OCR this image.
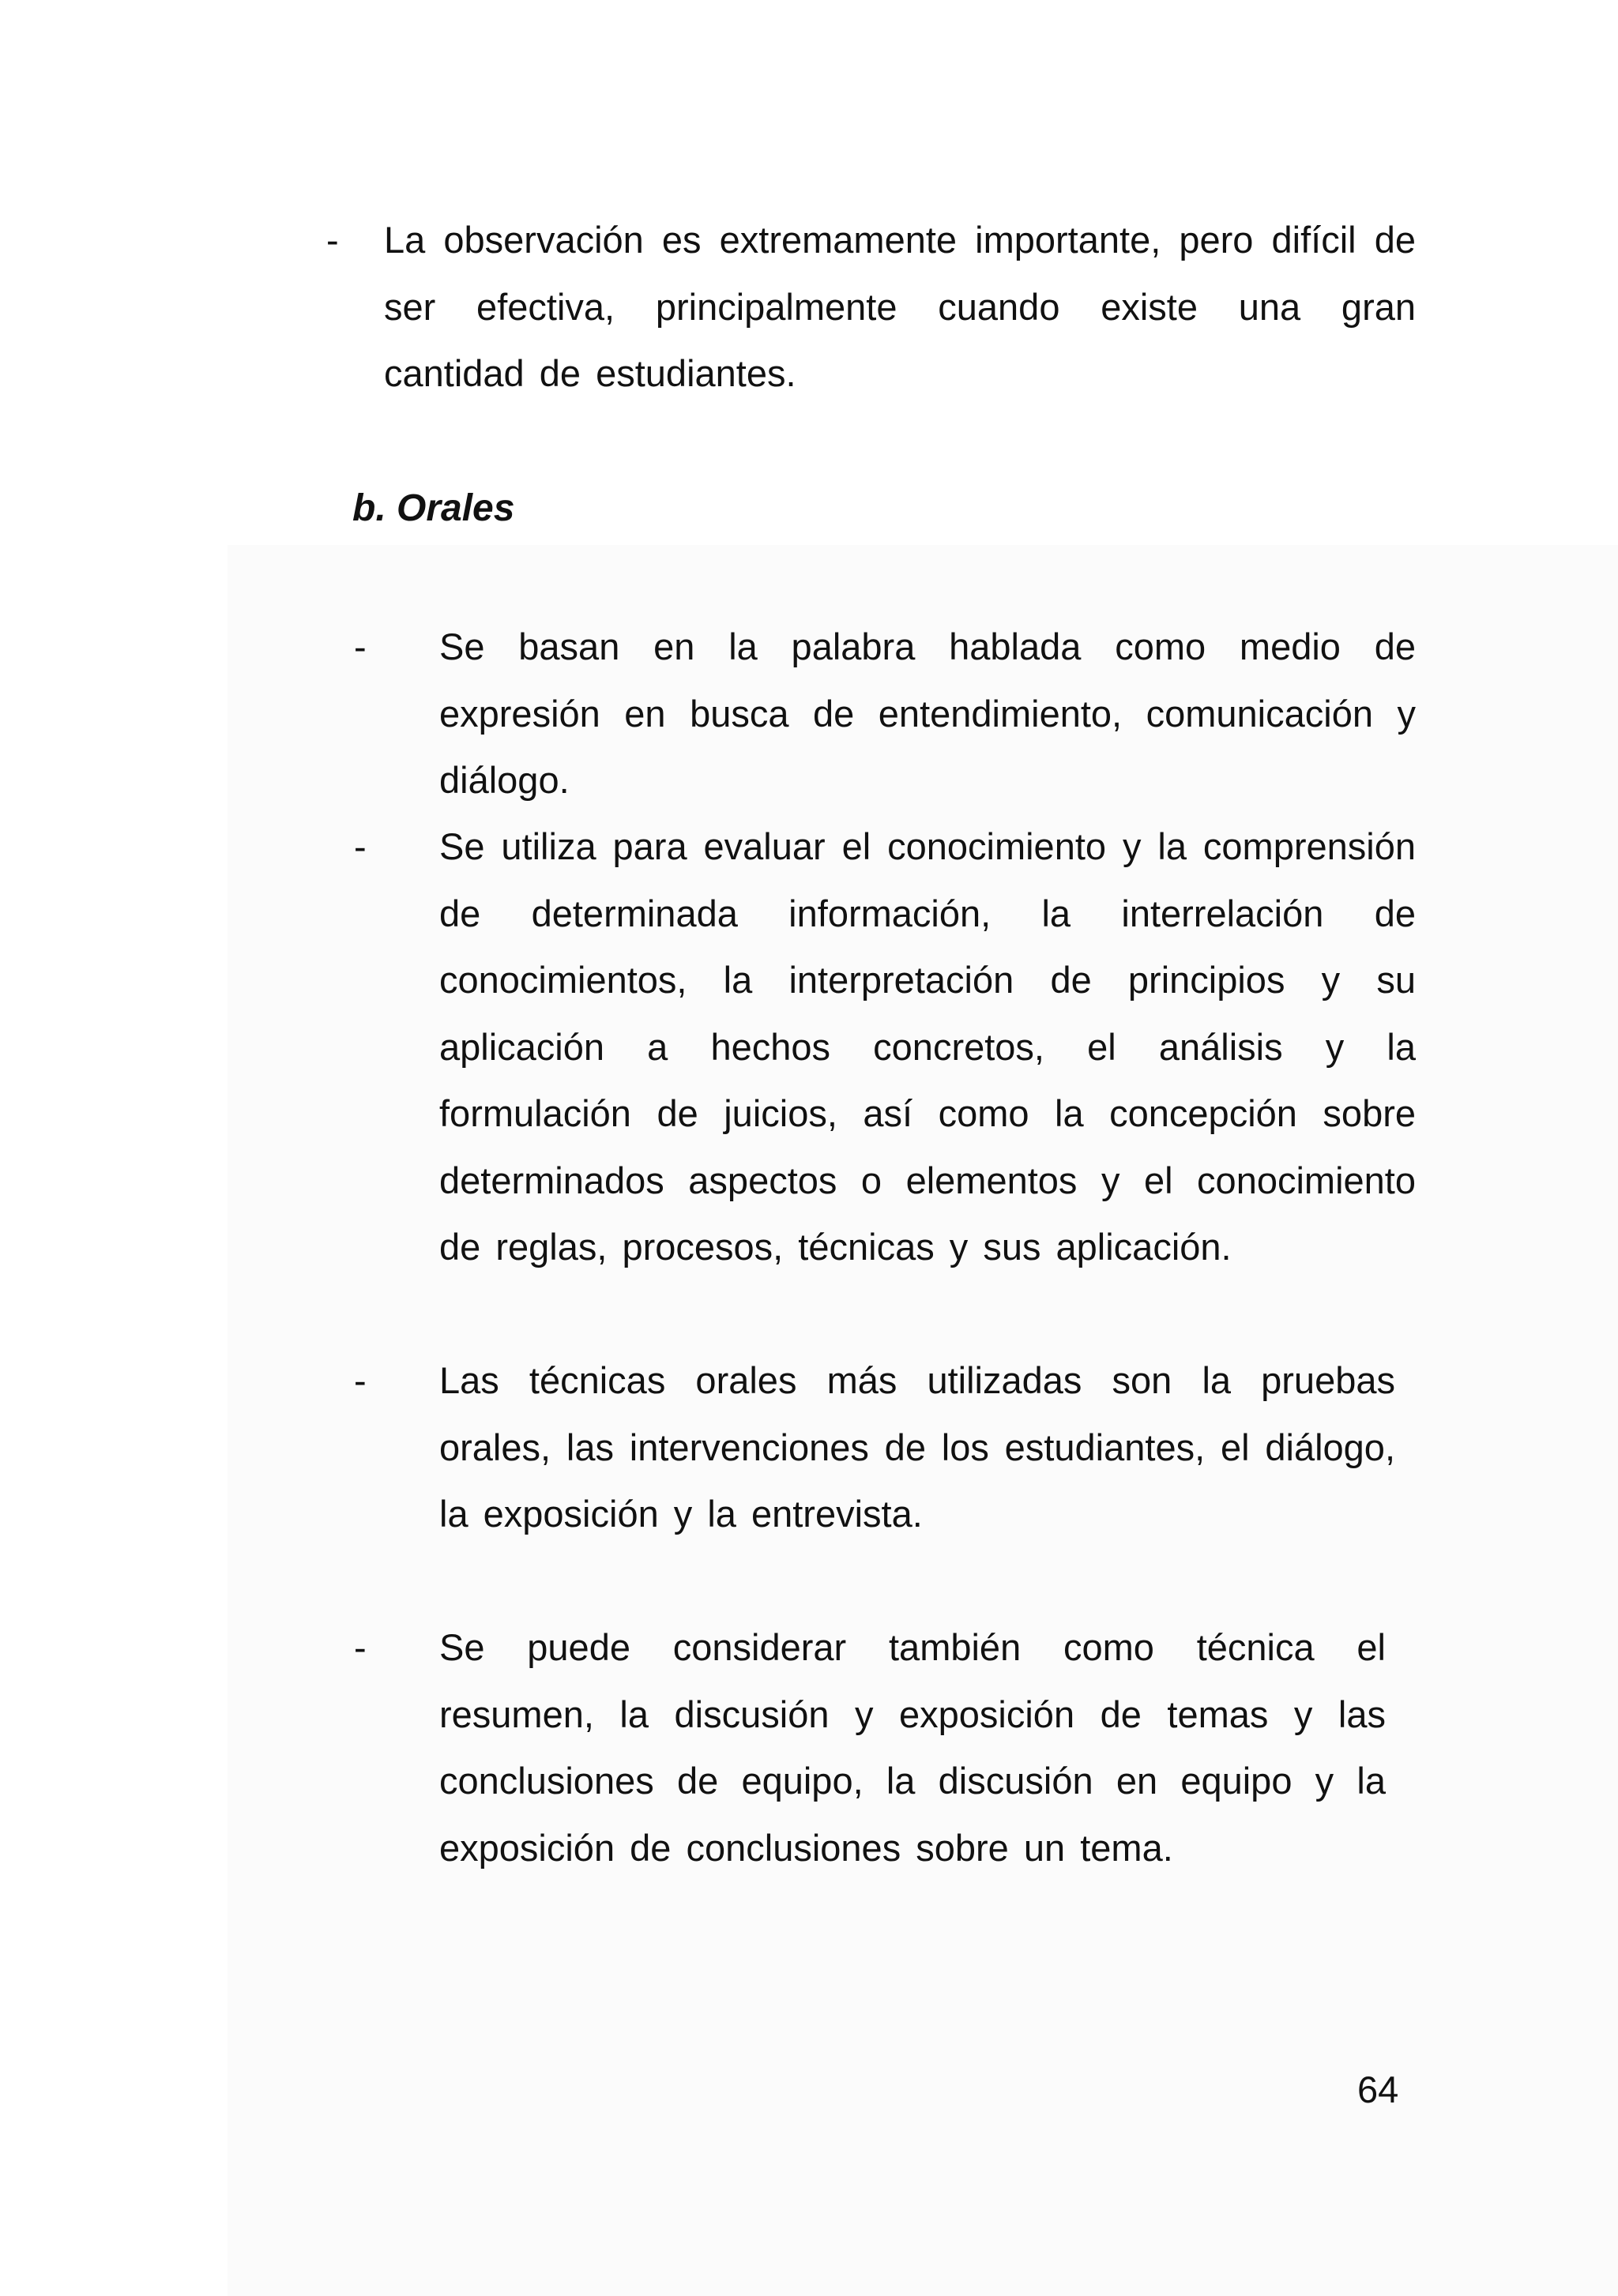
- La observación es extremamente importante, pero difícil de ser efectiva, principalmente cuando existe una gran cantidad de estudiantes.
b. Orales
- Se basan en la palabra hablada como medio de expresión en busca de entendimiento, comunicación y diálogo.
- Se utiliza para evaluar el conocimiento y la comprensión de determinada información, la interrelación de conocimientos, la interpretación de principios y su aplicación a hechos concretos, el análisis y la formulación de juicios, así como la concepción sobre determinados aspectos o elementos y el conocimiento de reglas, procesos, técnicas y sus aplicación.
- Las técnicas orales más utilizadas son la pruebas orales, las intervenciones de los estudiantes, el diálogo, la exposición y la entrevista.
- Se puede considerar también como técnica el resumen, la discusión y exposición de temas y las conclusiones de equipo, la discusión en equipo y la exposición de conclusiones sobre un tema.
64
